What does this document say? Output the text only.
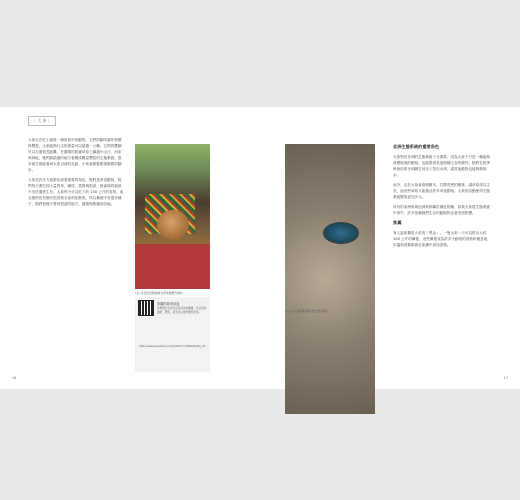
〔 大 象 〕

大象走在吃土最後一個象群中的動物，它們的腳印讓作物變得豐盈。大象能夠行走的重量可以超過一公噸，它們的雙腳可以走過很長距離，在廣闊的乾燥草原上翻越小山丘、河床與林地，牠們踩踏過的地方會變成數量豐富的生態系統。很多地方都能看到大象以前的足跡，小象會緊緊跟著媽媽的腳步。

大象在許多方面都扮演著重要的角色，牠們是草食動物，牠們每天要吃掉大量的草、嫩枝、果實與根部，使森林的植被不至於過度生長。大象每天可以吃下約 150 公斤的食物，而且牠們沒有辦法把食物全部消化吸收，所以糞便中有很多種子，牠們把種子帶到很遠的地方，讓植物散播到各地。

(左) 肯亞的馬賽族婦女用象糞製作燃料
象糞的神奇用途
象糞裡含有很多沒有消化的纖維，可以用來做紙、肥料，甚至可以當作燃料使用。
https://www.youtube.com/watch?v=ehNOGjxRs_YG
(右) 由大象在乾涸河床挖出的水洞
非洲生態系統的重要角色

大象對於非洲的生態系統十分重要，因為大象不只是一種能夠改變環境的動物，也能提供其他物種生存的條件。牠們在乾季時會用象牙和腳在河床上挖出水洞，讓其他動物也能夠喝到水。

此外，由於大象會推倒樹木、打開茂密的樹林，讓草原得以生長，而這些草原又能養活許多草食動物。大象的活動使得生態系統變得更加多元。

所有的非洲象與亞洲象都屬於瀕危物種，如果大象從生態系統中消失，許多依賴牠們生存的動植物也會受到影響。

象糞

有人說象糞是大象的「黑金」。一隻大象一天可以排出大約 100 公斤的糞便，這些糞便成為許多小動物的食物和棲息地，甲蟲和鳥類都會在象糞中尋找食物。

16	17
